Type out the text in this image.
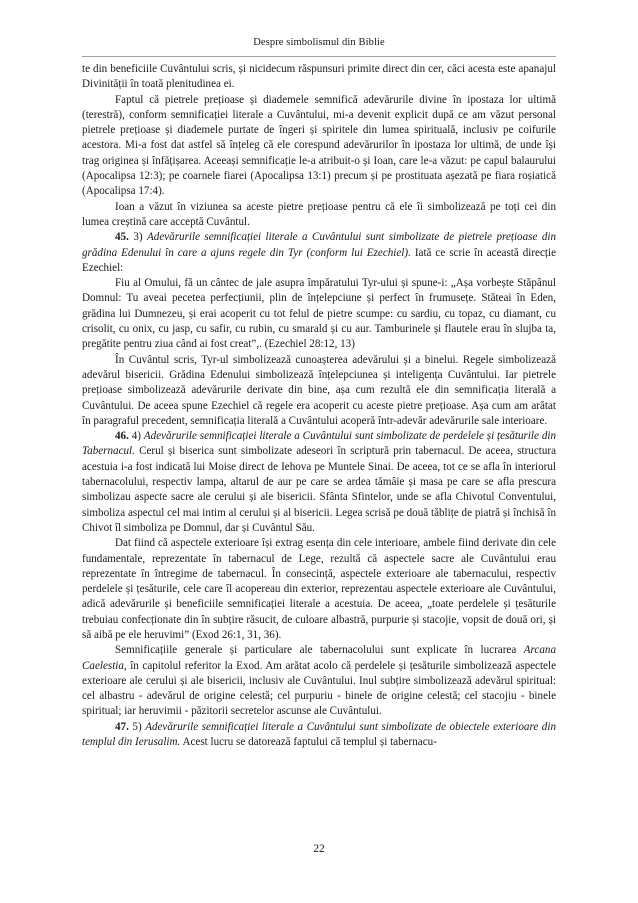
Despre simbolismul din Biblie

te din beneficiile Cuvântului scris, și nicidecum răspunsuri primite direct din cer, căci acesta este apanajul Divinității în toată plenitudinea ei.

Faptul că pietrele prețioase și diademele semnifică adevărurile divine în ipostaza lor ultimă (terestră), conform semnificației literale a Cuvântului, mi-a devenit explicit după ce am văzut personal pietrele prețioase și diademele purtate de îngeri și spiritele din lumea spirituală, inclusiv pe coifurile acestora. Mi-a fost dat astfel să înțeleg că ele corespund adevărurilor în ipostaza lor ultimă, de unde își trag originea și înfățișarea. Aceeași semnificație le-a atribuit-o și Ioan, care le-a văzut: pe capul balaurului (Apocalipsa 12:3); pe coarnele fiarei (Apocalipsa 13:1) precum și pe prostituata așezată pe fiara roșiatică (Apocalipsa 17:4).

Ioan a văzut în viziunea sa aceste pietre prețioase pentru că ele îi simbolizează pe toți cei din lumea creștină care acceptă Cuvântul.

45. 3) Adevărurile semnificației literale a Cuvântului sunt simbolizate de pietrele prețioase din grădina Edenului în care a ajuns regele din Tyr (conform lui Ezechiel). Iată ce scrie în această direcție Ezechiel:

Fiu al Omului, fă un cântec de jale asupra împăratului Tyr-ului și spune-i: „Așa vorbește Stăpânul Domnul: Tu aveai pecetea perfecțiunii, plin de înțelepciune și perfect în frumusețe. Stăteai în Eden, grădina lui Dumnezeu, și erai acoperit cu tot felul de pietre scumpe: cu sardiu, cu topaz, cu diamant, cu crisolit, cu onix, cu jasp, cu safir, cu rubin, cu smarald și cu aur. Tamburinele și flautele erau în slujba ta, pregătite pentru ziua când ai fost creat”,. (Ezechiel 28:12, 13)

În Cuvântul scris, Tyr-ul simbolizează cunoașterea adevărului și a binelui. Regele simbolizează adevărul bisericii. Grădina Edenului simbolizează înțelepciunea și inteligența Cuvântului. Iar pietrele prețioase simbolizează adevărurile derivate din bine, așa cum rezultă ele din semnificația literală a Cuvântului. De aceea spune Ezechiel că regele era acoperit cu aceste pietre prețioase. Așa cum am arătat în paragraful precedent, semnificația literală a Cuvântului acoperă într-adevăr adevărurile sale interioare.

46. 4) Adevărurile semnificației literale a Cuvântului sunt simbolizate de perdelele și țesăturile din Tabernacul. Cerul și biserica sunt simbolizate adeseori în scriptură prin tabernacul. De aceea, structura acestuia i-a fost indicată lui Moise direct de Iehova pe Muntele Sinai. De aceea, tot ce se afla în interiorul tabernacolului, respectiv lampa, altarul de aur pe care se ardea tămâie și masa pe care se afla prescura simbolizau aspecte sacre ale cerului și ale bisericii. Sfânta Sfintelor, unde se afla Chivotul Conventului, simboliza aspectul cel mai intim al cerului și al bisericii. Legea scrisă pe două tăblițe de piatră și închisă în Chivot îl simboliza pe Domnul, dar și Cuvântul Său.

Dat fiind că aspectele exterioare își extrag esența din cele interioare, ambele fiind derivate din cele fundamentale, reprezentate în tabernacul de Lege, rezultă că aspectele sacre ale Cuvântului erau reprezentate în întregime de tabernacul. În consecință, aspectele exterioare ale tabernacului, respectiv perdelele și țesăturile, cele care îl acopereau din exterior, reprezentau aspectele exterioare ale Cuvântului, adică adevărurile și beneficiile semnificației literale a acestuia. De aceea, „toate perdelele și țesăturile trebuiau confecționate din în subțire răsucit, de culoare albastră, purpurie și stacojie, vopsit de două ori, și să aibă pe ele heruvimi” (Exod 26:1, 31, 36).

Semnificațiile generale și particulare ale tabernacolului sunt explicate în lucrarea Arcana Caelestia, în capitolul referitor la Exod. Am arătat acolo că perdelele și țesăturile simbolizează aspectele exterioare ale cerului și ale bisericii, inclusiv ale Cuvântului. Inul subțire simbolizează adevărul spiritual: cel albastru - adevărul de origine celestă; cel purpuriu - binele de origine celestă; cel stacojiu - binele spiritual; iar heruvimii - păzitorii secretelor ascunse ale Cuvântului.

47. 5) Adevărurile semnificației literale a Cuvântului sunt simbolizate de obiectele exterioare din templul din Ierusalim. Acest lucru se datorează faptului că templul și tabernacu-

22
